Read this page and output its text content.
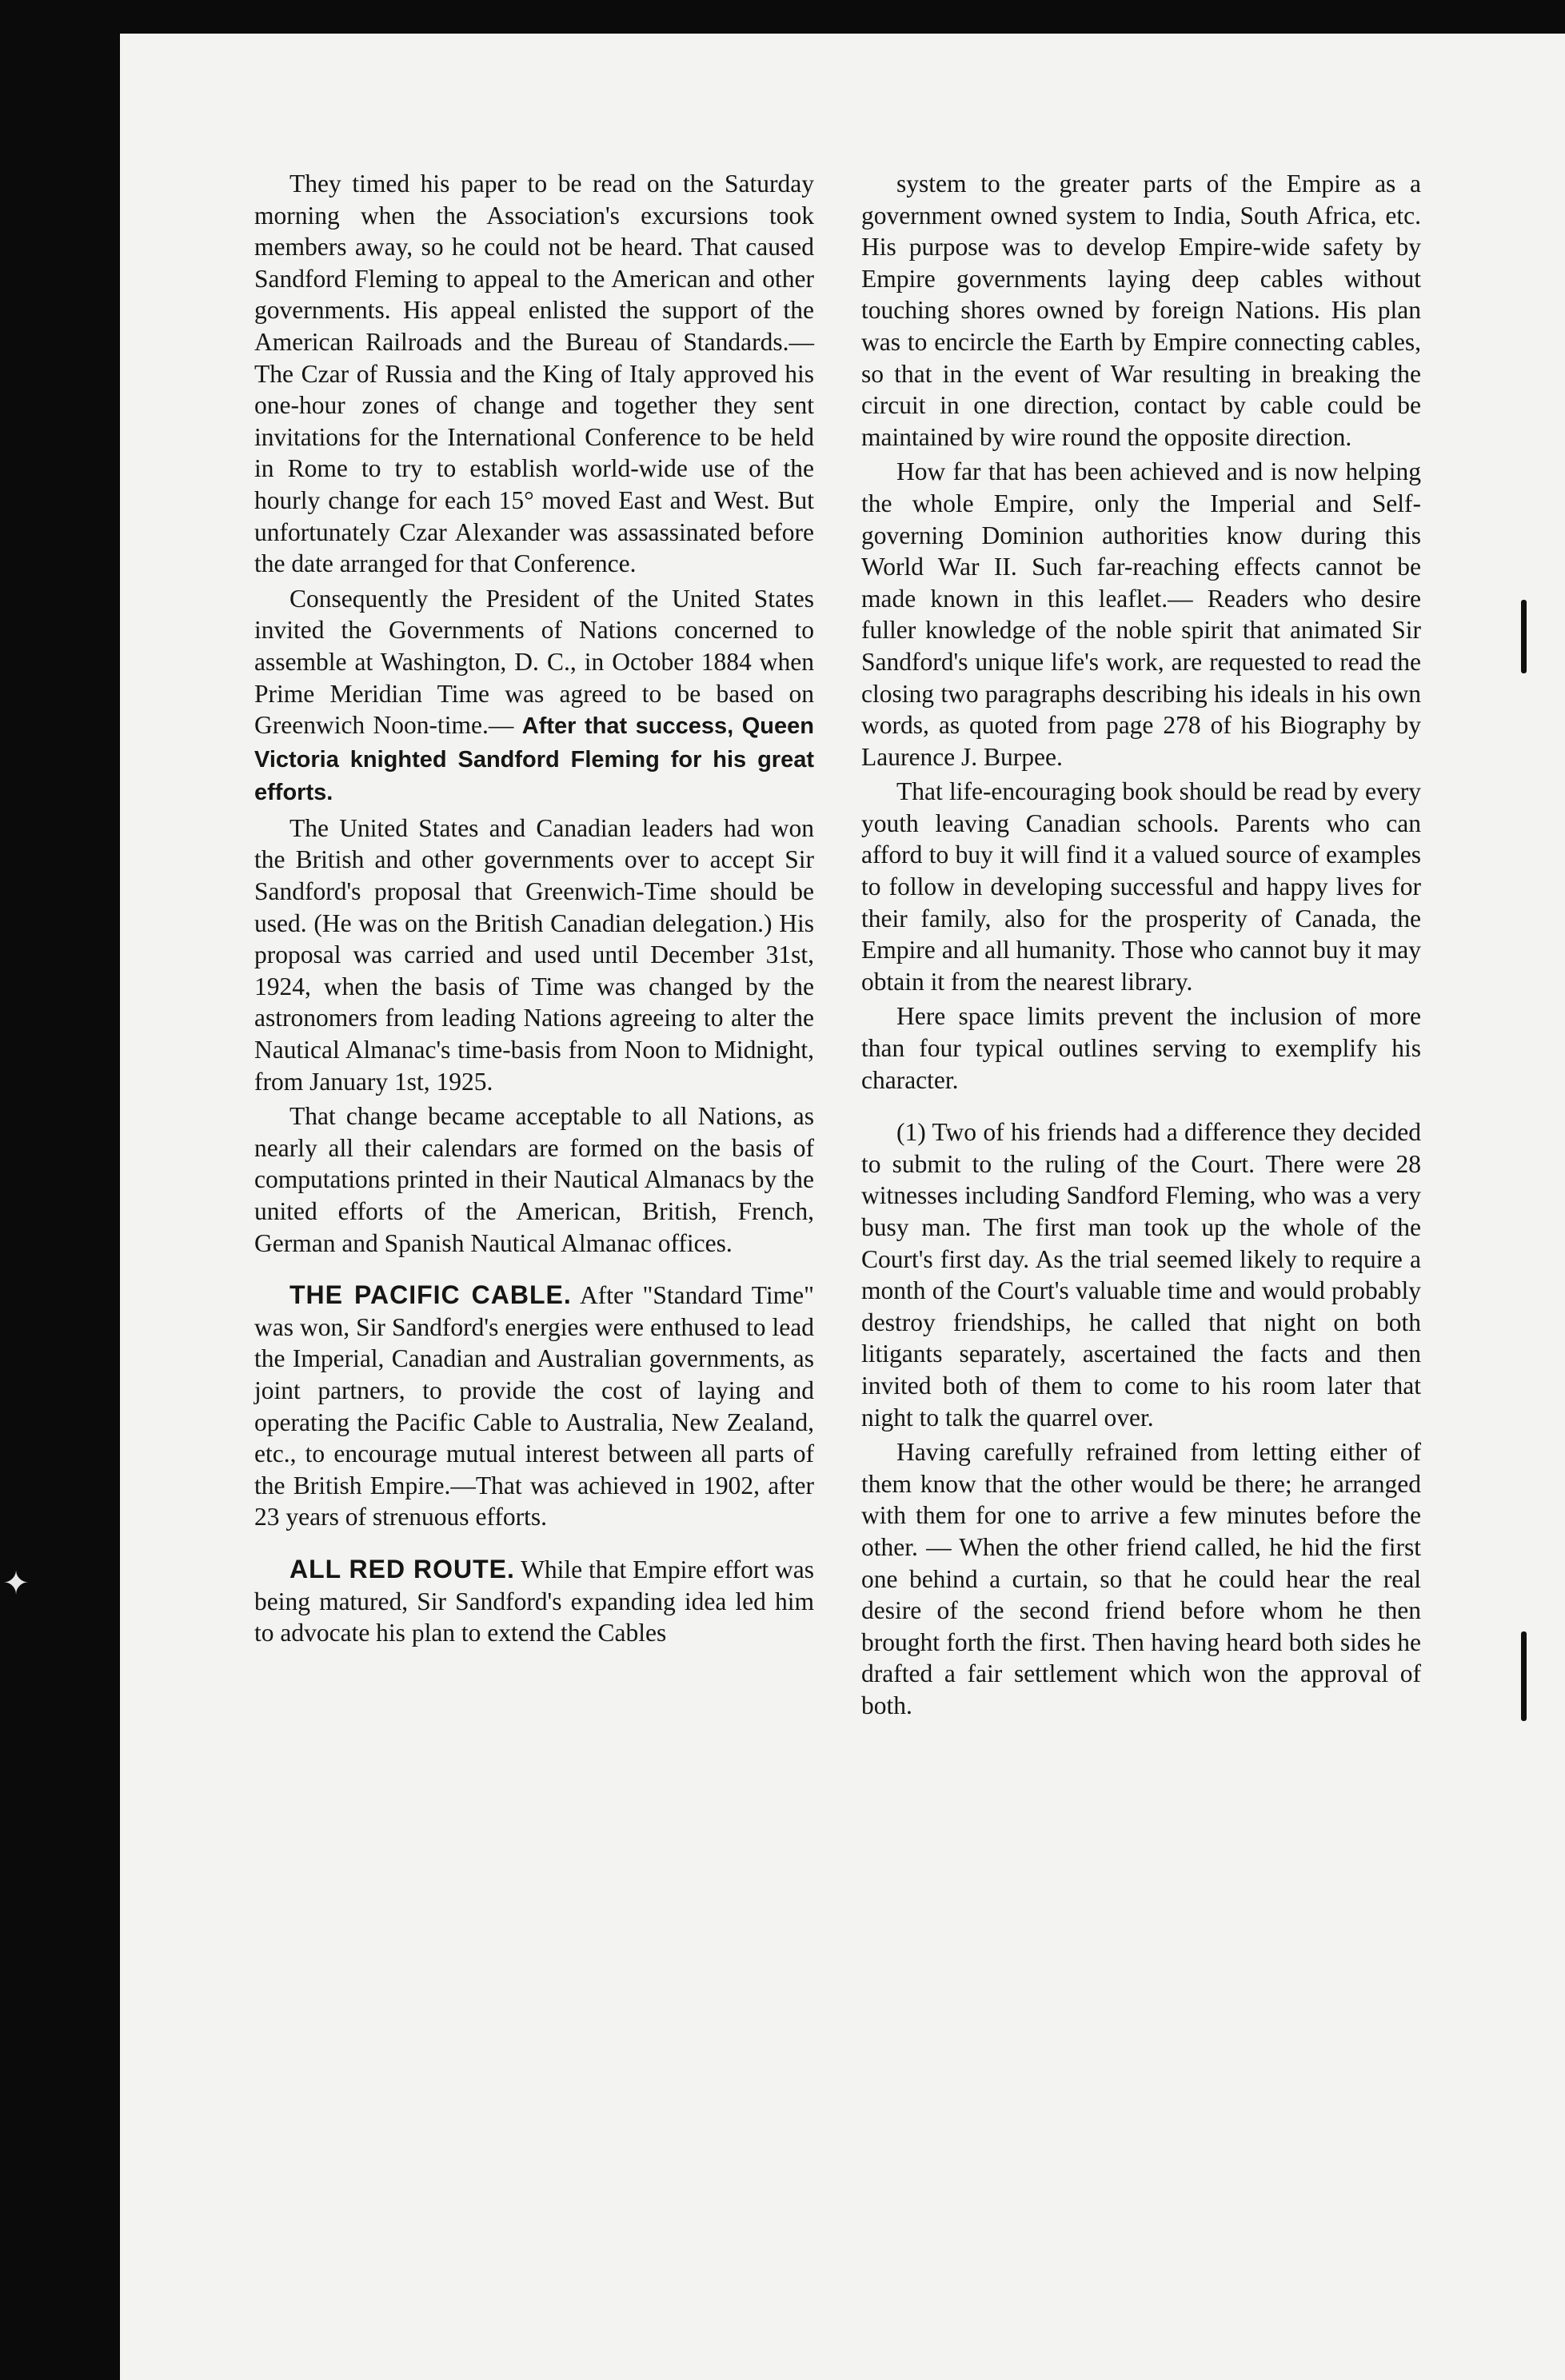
They timed his paper to be read on the Saturday morning when the Association's excursions took members away, so he could not be heard. That caused Sandford Fleming to appeal to the American and other governments. His appeal enlisted the support of the American Railroads and the Bureau of Standards.—The Czar of Russia and the King of Italy approved his one-hour zones of change and together they sent invitations for the International Conference to be held in Rome to try to establish world-wide use of the hourly change for each 15° moved East and West. But unfortunately Czar Alexander was assassinated before the date arranged for that Conference.

Consequently the President of the United States invited the Governments of Nations concerned to assemble at Washington, D. C., in October 1884 when Prime Meridian Time was agreed to be based on Greenwich Noon-time.— After that success, Queen Victoria knighted Sandford Fleming for his great efforts.

The United States and Canadian leaders had won the British and other governments over to accept Sir Sandford's proposal that Greenwich-Time should be used. (He was on the British Canadian delegation.) His proposal was carried and used until December 31st, 1924, when the basis of Time was changed by the astronomers from leading Nations agreeing to alter the Nautical Almanac's time-basis from Noon to Midnight, from January 1st, 1925.

That change became acceptable to all Nations, as nearly all their calendars are formed on the basis of computations printed in their Nautical Almanacs by the united efforts of the American, British, French, German and Spanish Nautical Almanac offices.

THE PACIFIC CABLE. After "Standard Time" was won, Sir Sandford's energies were enthused to lead the Imperial, Canadian and Australian governments, as joint partners, to provide the cost of laying and operating the Pacific Cable to Australia, New Zealand, etc., to encourage mutual interest between all parts of the British Empire.—That was achieved in 1902, after 23 years of strenuous efforts.

ALL RED ROUTE. While that Empire effort was being matured, Sir Sandford's expanding idea led him to advocate his plan to extend the Cables

system to the greater parts of the Empire as a government owned system to India, South Africa, etc. His purpose was to develop Empire-wide safety by Empire governments laying deep cables without touching shores owned by foreign Nations. His plan was to encircle the Earth by Empire connecting cables, so that in the event of War resulting in breaking the circuit in one direction, contact by cable could be maintained by wire round the opposite direction.

How far that has been achieved and is now helping the whole Empire, only the Imperial and Self-governing Dominion authorities know during this World War II. Such far-reaching effects cannot be made known in this leaflet.— Readers who desire fuller knowledge of the noble spirit that animated Sir Sandford's unique life's work, are requested to read the closing two paragraphs describing his ideals in his own words, as quoted from page 278 of his Biography by Laurence J. Burpee.

That life-encouraging book should be read by every youth leaving Canadian schools. Parents who can afford to buy it will find it a valued source of examples to follow in developing successful and happy lives for their family, also for the prosperity of Canada, the Empire and all humanity. Those who cannot buy it may obtain it from the nearest library.

Here space limits prevent the inclusion of more than four typical outlines serving to exemplify his character.

(1) Two of his friends had a difference they decided to submit to the ruling of the Court. There were 28 witnesses including Sandford Fleming, who was a very busy man. The first man took up the whole of the Court's first day. As the trial seemed likely to require a month of the Court's valuable time and would probably destroy friendships, he called that night on both litigants separately, ascertained the facts and then invited both of them to come to his room later that night to talk the quarrel over.

Having carefully refrained from letting either of them know that the other would be there; he arranged with them for one to arrive a few minutes before the other. — When the other friend called, he hid the first one behind a curtain, so that he could hear the real desire of the second friend before whom he then brought forth the first. Then having heard both sides he drafted a fair settlement which won the approval of both.

✦
